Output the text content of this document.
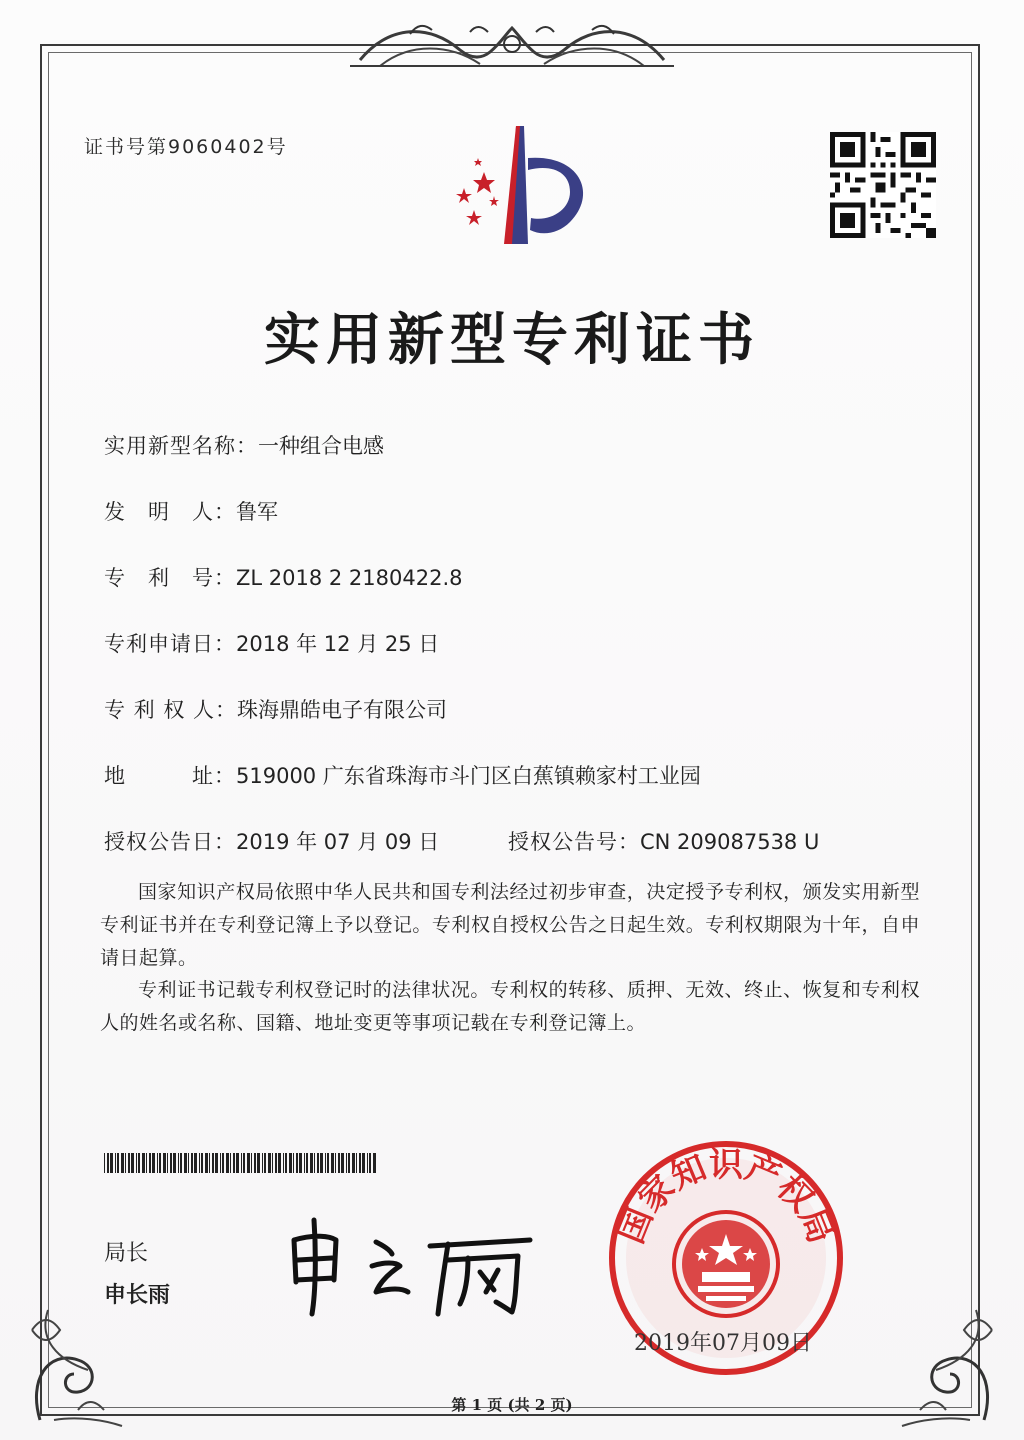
证书号第9060402号
实用新型专利证书
实用新型名称：一种组合电感
发　明　人：鲁军
专　利　号：ZL 2018 2 2180422.8
专利申请日：2018 年 12 月 25 日
专 利 权 人：珠海鼎皓电子有限公司
地　　　址：519000 广东省珠海市斗门区白蕉镇赖家村工业园
授权公告日：2019 年 07 月 09 日	授权公告号：CN 209087538 U
国家知识产权局依照中华人民共和国专利法经过初步审查，决定授予专利权，颁发实用新型专利证书并在专利登记簿上予以登记。专利权自授权公告之日起生效。专利权期限为十年，自申请日起算。
专利证书记载专利权登记时的法律状况。专利权的转移、质押、无效、终止、恢复和专利权人的姓名或名称、国籍、地址变更等事项记载在专利登记簿上。
局长
申长雨
国家知识产权局
2019年07月09日
第 1 页 (共 2 页)
